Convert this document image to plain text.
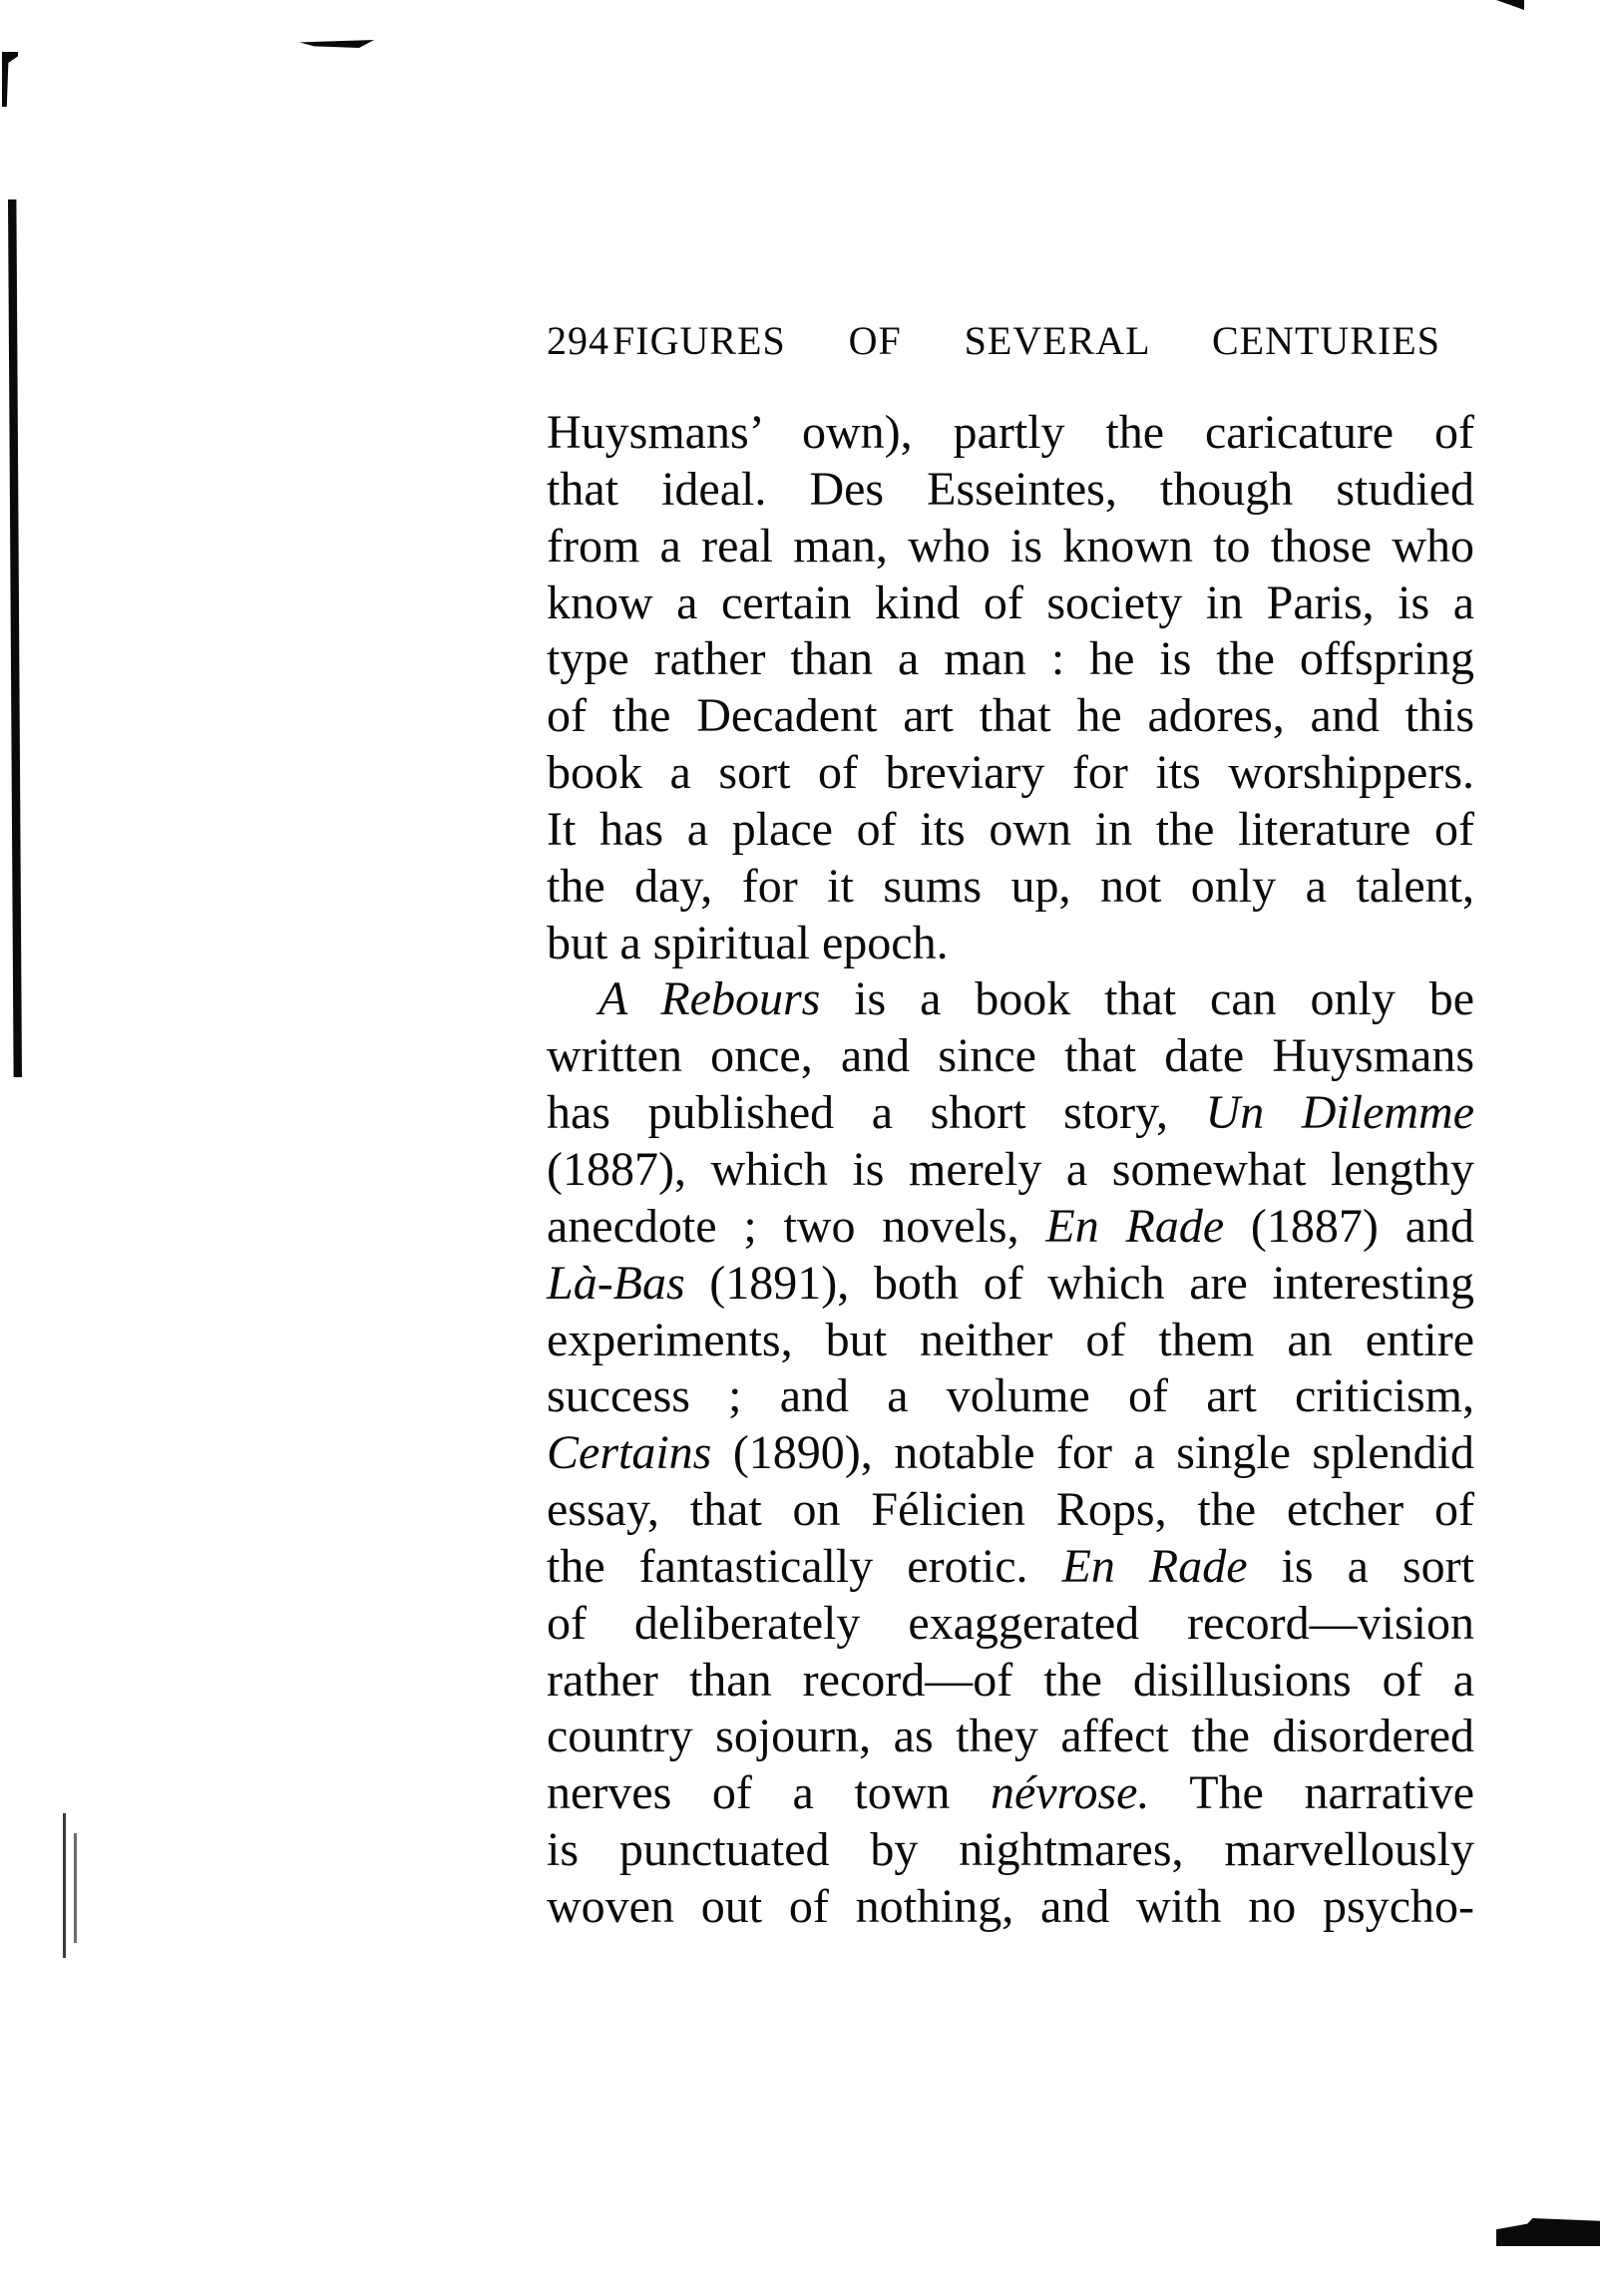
294 FIGURES OF SEVERAL CENTURIES
Huysmans’ own), partly the caricature of
that ideal. Des Esseintes, though studied
from a real man, who is known to those who
know a certain kind of society in Paris, is a
type rather than a man : he is the offspring
of the Decadent art that he adores, and this
book a sort of breviary for its worshippers.
It has a place of its own in the literature of
the day, for it sums up, not only a talent,
but a spiritual epoch.
A Rebours is a book that can only be
written once, and since that date Huysmans
has published a short story, Un Dilemme
(1887), which is merely a somewhat lengthy
anecdote ; two novels, En Rade (1887) and
Là-Bas (1891), both of which are interesting
experiments, but neither of them an entire
success ; and a volume of art criticism,
Certains (1890), notable for a single splendid
essay, that on Félicien Rops, the etcher of
the fantastically erotic. En Rade is a sort
of deliberately exaggerated record—vision
rather than record—of the disillusions of a
country sojourn, as they affect the disordered
nerves of a town névrose. The narrative
is punctuated by nightmares, marvellously
woven out of nothing, and with no psycho-
